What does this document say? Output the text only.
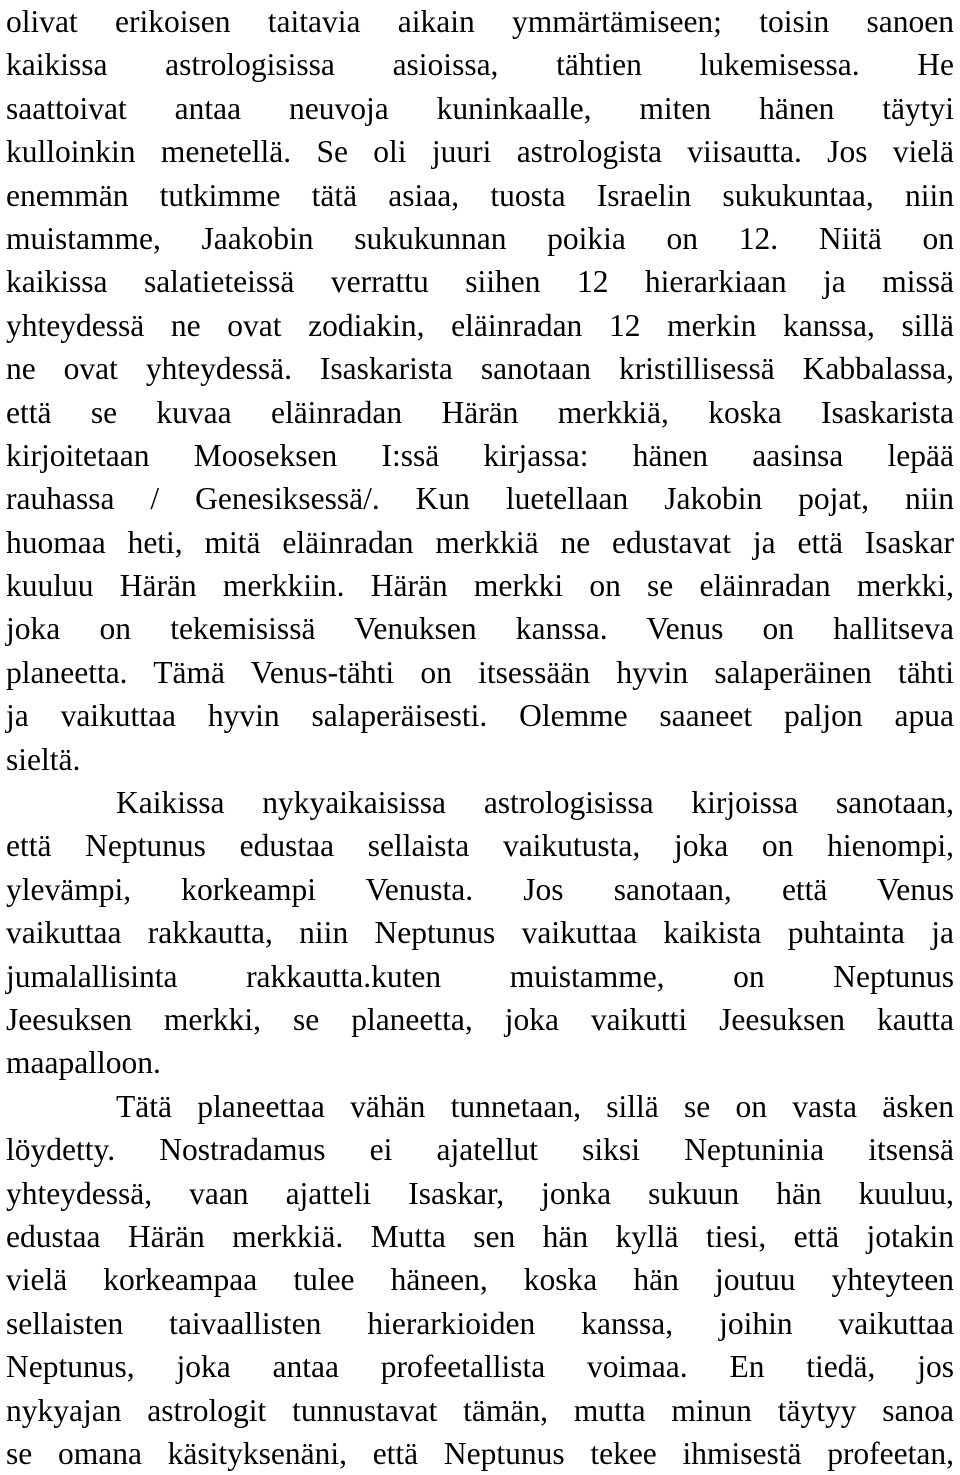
olivat erikoisen taitavia aikain ymmärtämiseen; toisin sanoen
kaikissa astrologisissa asioissa, tähtien lukemisessa. He
saattoivat antaa neuvoja kuninkaalle, miten hänen täytyi
kulloinkin menetellä. Se oli juuri astrologista viisautta. Jos vielä
enemmän tutkimme tätä asiaa, tuosta Israelin sukukuntaa, niin
muistamme, Jaakobin sukukunnan poikia on 12. Niitä on
kaikissa salatieteissä verrattu siihen 12 hierarkiaan ja missä
yhteydessä ne ovat zodiakin, eläinradan 12 merkin kanssa, sillä
ne ovat yhteydessä. Isaskarista sanotaan kristillisessä Kabbalassa,
että se kuvaa eläinradan Härän merkkiä, koska Isaskarista
kirjoitetaan Mooseksen I:ssä kirjassa: hänen aasinsa lepää
rauhassa / Genesiksessä/. Kun luetellaan Jakobin pojat, niin
huomaa heti, mitä eläinradan merkkiä ne edustavat ja että Isaskar
kuuluu Härän merkkiin. Härän merkki on se eläinradan merkki,
joka on tekemisissä Venuksen kanssa. Venus on hallitseva
planeetta. Tämä Venus-tähti on itsessään hyvin salaperäinen tähti
ja vaikuttaa hyvin salaperäisesti. Olemme saaneet paljon apua
sieltä.
Kaikissa nykyaikaisissa astrologisissa kirjoissa sanotaan,
että Neptunus edustaa sellaista vaikutusta, joka on hienompi,
ylevämpi, korkeampi Venusta. Jos sanotaan, että Venus
vaikuttaa rakkautta, niin Neptunus vaikuttaa kaikista puhtainta ja
jumalallisinta rakkautta.kuten muistamme, on Neptunus
Jeesuksen merkki, se planeetta, joka vaikutti Jeesuksen kautta
maapalloon.
Tätä planeettaa vähän tunnetaan, sillä se on vasta äsken
löydetty. Nostradamus ei ajatellut siksi Neptuninia itsensä
yhteydessä, vaan ajatteli Isaskar, jonka sukuun hän kuuluu,
edustaa Härän merkkiä. Mutta sen hän kyllä tiesi, että jotakin
vielä korkeampaa tulee häneen, koska hän joutuu yhteyteen
sellaisten taivaallisten hierarkioiden kanssa, joihin vaikuttaa
Neptunus, joka antaa profeetallista voimaa. En tiedä, jos
nykyajan astrologit tunnustavat tämän, mutta minun täytyy sanoa
se omana käsityksenäni, että Neptunus tekee ihmisestä profeetan,
